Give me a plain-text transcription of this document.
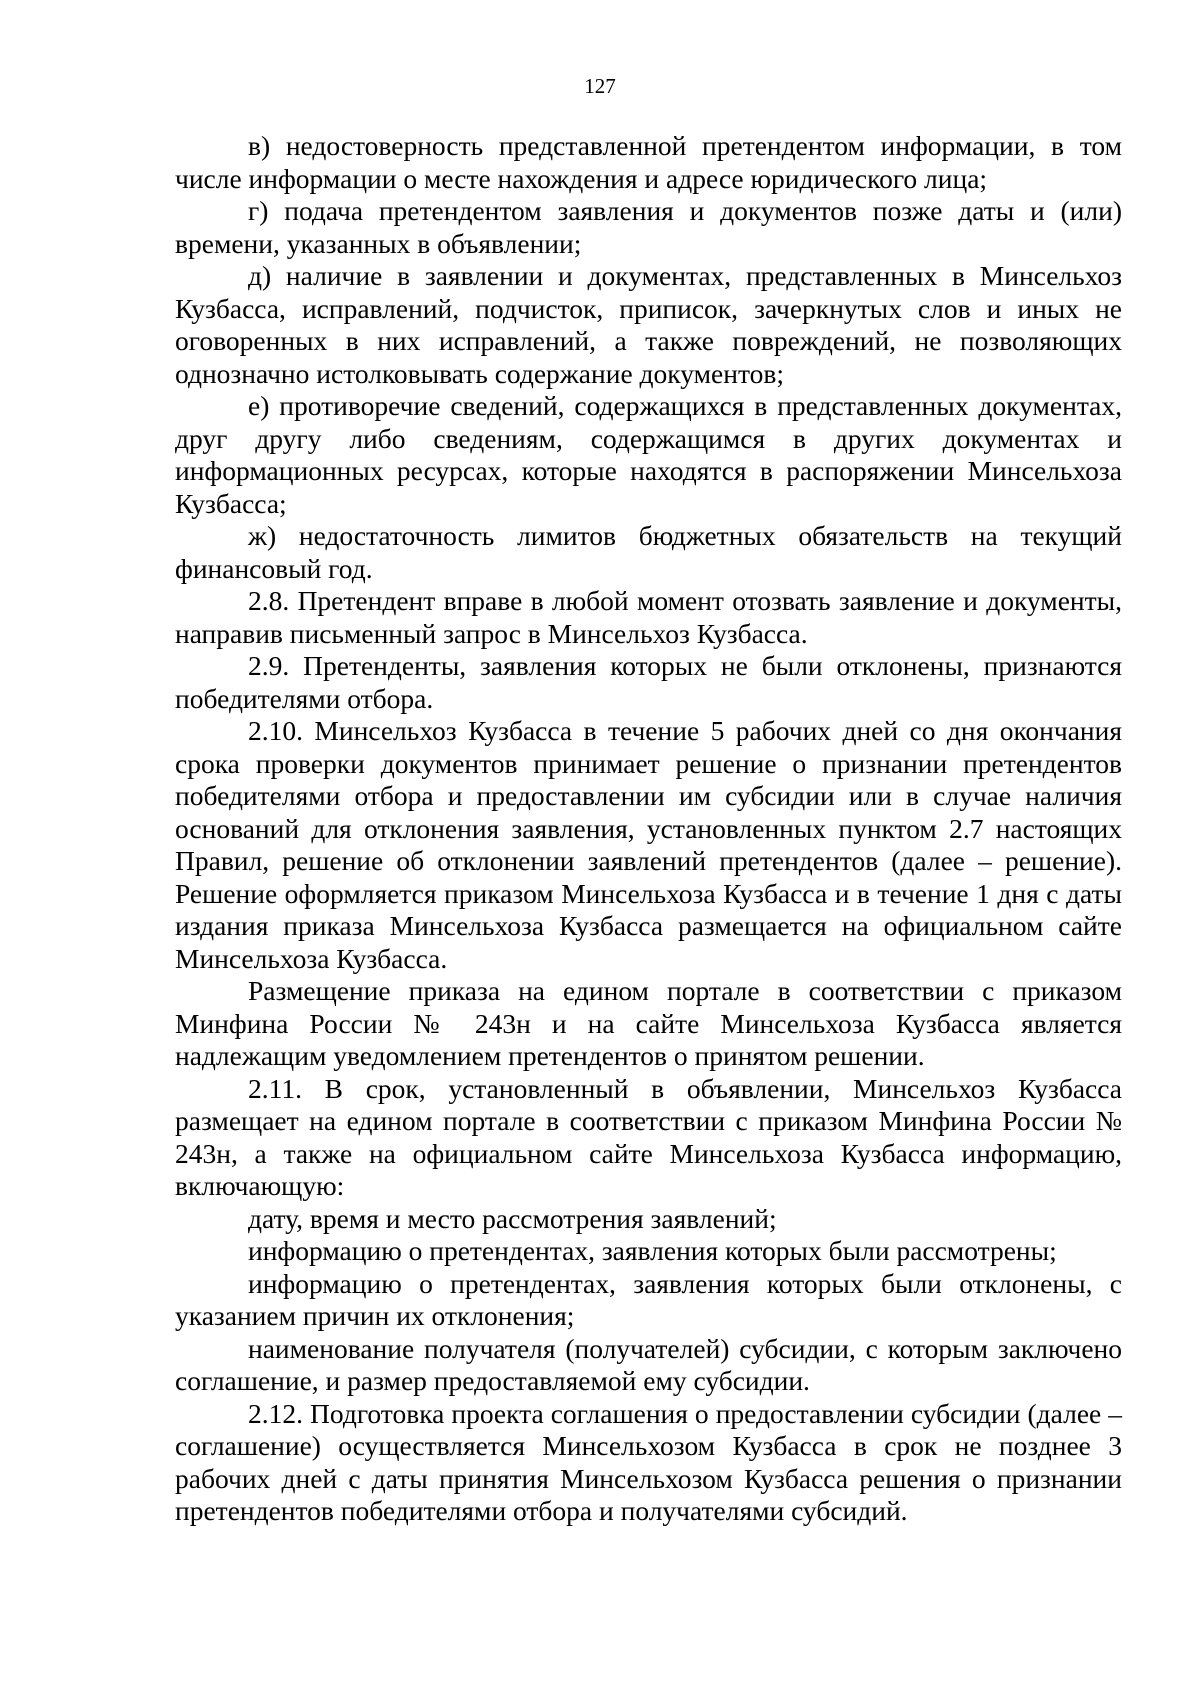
127

в) недостоверность представленной претендентом информации, в том числе информации о месте нахождения и адресе юридического лица;

г) подача претендентом заявления и документов позже даты и (или) времени, указанных в объявлении;

д) наличие в заявлении и документах, представленных в Минсельхоз Кузбасса, исправлений, подчисток, приписок, зачеркнутых слов и иных не оговоренных в них исправлений, а также повреждений, не позволяющих однозначно истолковывать содержание документов;

е) противоречие сведений, содержащихся в представленных документах, друг другу либо сведениям, содержащимся в других документах и информационных ресурсах, которые находятся в распоряжении Минсельхоза Кузбасса;

ж) недостаточность лимитов бюджетных обязательств на текущий финансовый год.

2.8. Претендент вправе в любой момент отозвать заявление и документы, направив письменный запрос в Минсельхоз Кузбасса.

2.9. Претенденты, заявления которых не были отклонены, признаются победителями отбора.

2.10. Минсельхоз Кузбасса в течение 5 рабочих дней со дня окончания срока проверки документов принимает решение о признании претендентов победителями отбора и предоставлении им субсидии или в случае наличия оснований для отклонения заявления, установленных пунктом 2.7 настоящих Правил, решение об отклонении заявлений претендентов (далее – решение). Решение оформляется приказом Минсельхоза Кузбасса и в течение 1 дня с даты издания приказа Минсельхоза Кузбасса размещается на официальном сайте Минсельхоза Кузбасса.

Размещение приказа на едином портале в соответствии с приказом Минфина России № 243н и на сайте Минсельхоза Кузбасса является надлежащим уведомлением претендентов о принятом решении.

2.11. В срок, установленный в объявлении, Минсельхоз Кузбасса размещает на едином портале в соответствии с приказом Минфина России № 243н, а также на официальном сайте Минсельхоза Кузбасса информацию, включающую:

дату, время и место рассмотрения заявлений;

информацию о претендентах, заявления которых были рассмотрены;

информацию о претендентах, заявления которых были отклонены, с указанием причин их отклонения;

наименование получателя (получателей) субсидии, с которым заключено соглашение, и размер предоставляемой ему субсидии.

2.12. Подготовка проекта соглашения о предоставлении субсидии (далее – соглашение) осуществляется Минсельхозом Кузбасса в срок не позднее 3 рабочих дней с даты принятия Минсельхозом Кузбасса решения о признании претендентов победителями отбора и получателями субсидий.
